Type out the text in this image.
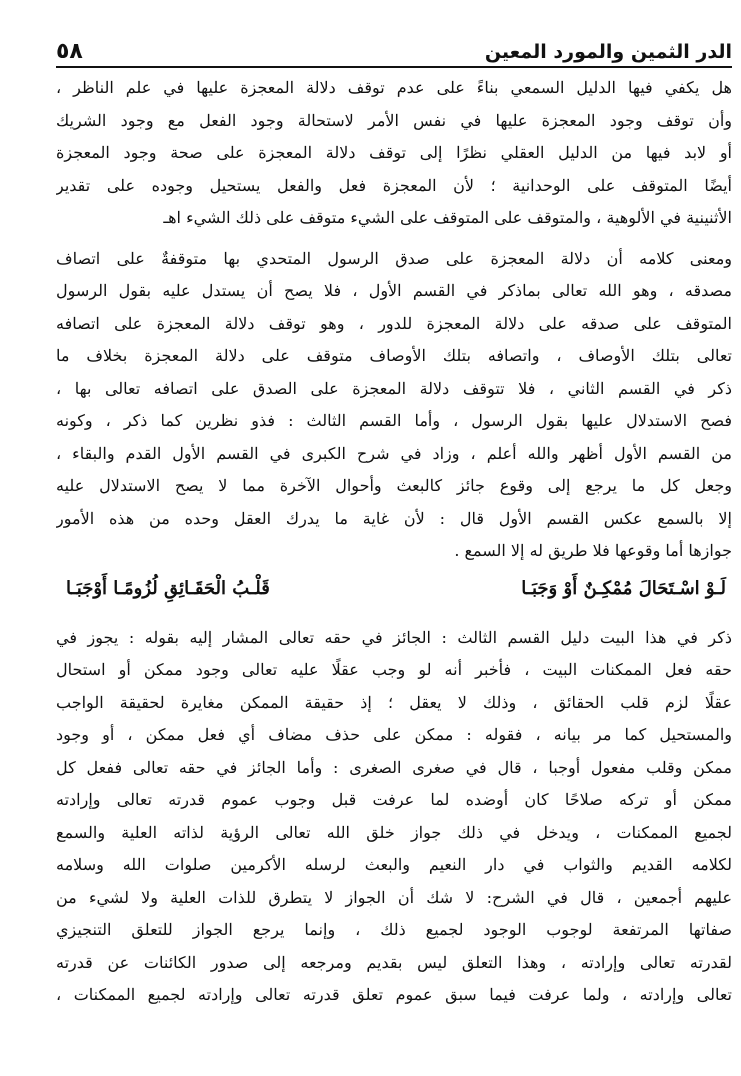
الدر الثمين والمورد المعين
٥٨
هل يكفي فيها الدليل السمعي بناءً على عدم توقف دلالة المعجزة عليها في علم الناظر ،
وأن توقف وجود المعجزة عليها في نفس الأمر لاستحالة وجود الفعل مع وجود الشريك
أو لابد فيها من الدليل العقلي نظرًا إلى توقف دلالة المعجزة على صحة وجود المعجزة
أيضًا المتوقف على الوحدانية ؛ لأن المعجزة فعل والفعل يستحيل وجوده على تقدير
الأثنينية في الألوهية ، والمتوقف على المتوقف على الشيء متوقف على ذلك الشيء اهـ
ومعنى كلامه أن دلالة المعجزة على صدق الرسول المتحدي بها متوقفةٌ على اتصاف
مصدقه ، وهو الله تعالى بماذكر في القسم الأول ، فلا يصح أن يستدل عليه بقول الرسول
المتوقف على صدقه على دلالة المعجزة للدور ، وهو توقف دلالة المعجزة على اتصافه
تعالى بتلك الأوصاف ، واتصافه بتلك الأوصاف متوقف على دلالة المعجزة بخلاف ما
ذكر في القسم الثاني ، فلا تتوقف دلالة المعجزة على الصدق على اتصافه تعالى بها ،
فصح الاستدلال عليها بقول الرسول ، وأما القسم الثالث : فذو نظرين كما ذكر ، وكونه
من القسم الأول أظهر والله أعلم ، وزاد في شرح الكبرى في القسم الأول القدم والبقاء ،
وجعل كل ما يرجع إلى وقوع جائز كالبعث وأحوال الآخرة مما لا يصح الاستدلال عليه
إلا بالسمع عكس القسم الأول قال : لأن غاية ما يدرك العقل وحده من هذه الأمور
جوازها أما وقوعها فلا طريق له إلا السمع .
لَـوْ اسْـتَحَالَ مُمْكِـنٌ أَوْ وَجَبَـا
قَلْـبُ الْحَقَـائِقِ لُزُومًـا أَوْجَبَـا
ذكر في هذا البيت دليل القسم الثالث : الجائز في حقه تعالى المشار إليه بقوله : يجوز في
حقه فعل الممكنات البيت ، فأخبر أنه لو وجب عقلًا عليه تعالى وجود ممكن أو استحال
عقلًا لزم قلب الحقائق ، وذلك لا يعقل ؛ إذ حقيقة الممكن مغايرة لحقيقة الواجب
والمستحيل كما مر بيانه ، فقوله : ممكن على حذف مضاف أي فعل ممكن ، أو وجود
ممكن وقلب مفعول أوجبا ، قال في صغرى الصغرى : وأما الجائز في حقه تعالى ففعل كل
ممكن أو تركه صلاحًا كان أوضده لما عرفت قبل وجوب عموم قدرته تعالى وإرادته
لجميع الممكنات ، ويدخل في ذلك جواز خلق الله تعالى الرؤية لذاته العلية والسمع
لكلامه القديم والثواب في دار النعيم والبعث لرسله الأكرمين صلوات الله وسلامه
عليهم أجمعين ، قال في الشرح: لا شك أن الجواز لا يتطرق للذات العلية ولا لشيء من
صفاتها المرتفعة لوجوب الوجود لجميع ذلك ، وإنما يرجع الجواز للتعلق التنجيزي
لقدرته تعالى وإرادته ، وهذا التعلق ليس بقديم ومرجعه إلى صدور الكائنات عن قدرته
تعالى وإرادته ، ولما عرفت فيما سبق عموم تعلق قدرته تعالى وإرادته لجميع الممكنات ،
